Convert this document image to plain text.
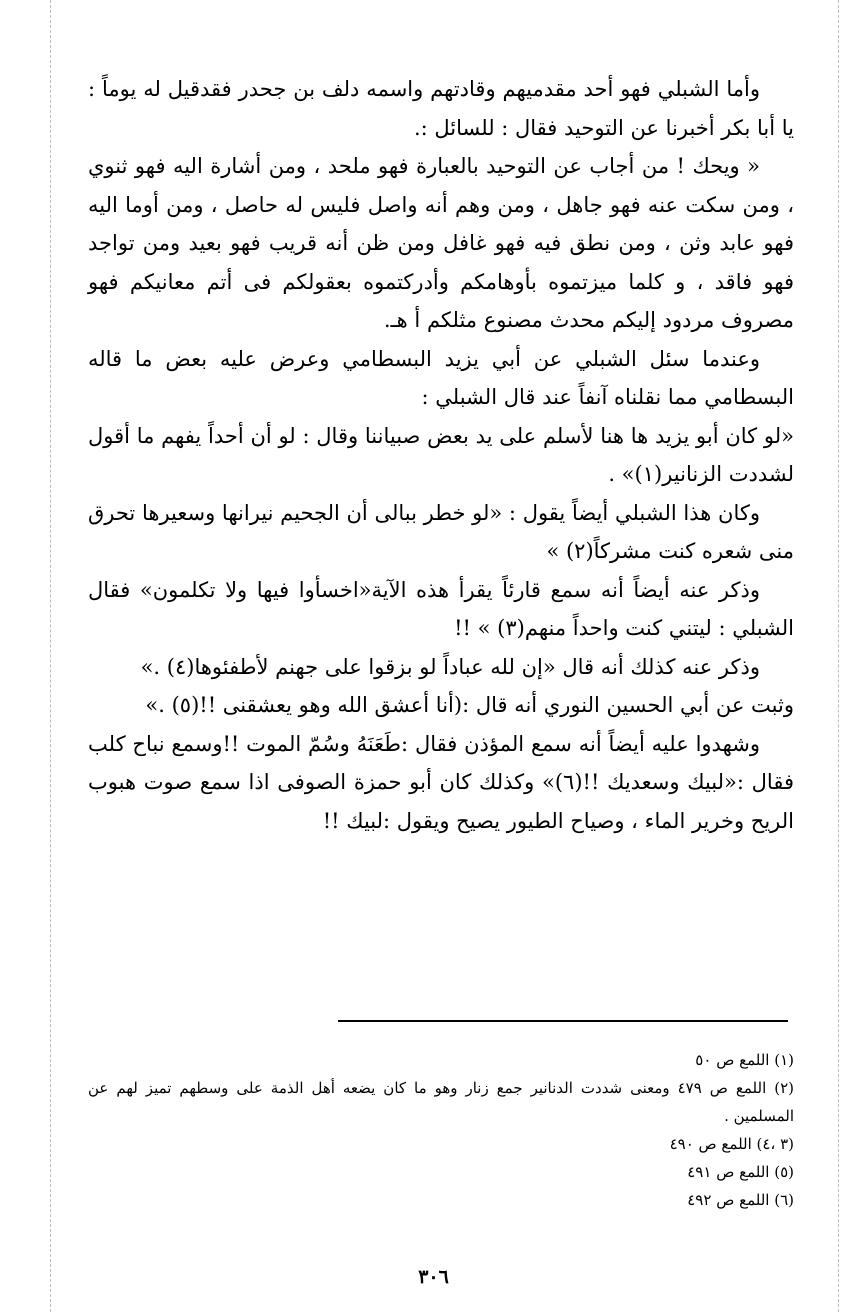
وأما الشبلي فهو أحد مقدميهم وقادتهم واسمه دلف بن جحدر فقدقيل له يوماً : يا أبا بكر أخبرنا عن التوحيد فقال : للسائل :.

« ويحك ! من أجاب عن التوحيد بالعبارة فهو ملحد ، ومن أشارة اليه فهو ثنوي ، ومن سكت عنه فهو جاهل ، ومن وهم أنه واصل فليس له حاصل ، ومن أوما اليه فهو عابد وثن ، ومن نطق فيه فهو غافل ومن ظن أنه قريب فهو بعيد ومن تواجد فهو فاقد ، و كلما ميزتموه بأوهامكم وأدركتموه بعقولكم فى أتم معانيكم فهو مصروف مردود إليكم محدث مصنوع مثلكم أ هـ.

وعندما سئل الشبلي عن أبي يزيد البسطامي وعرض عليه بعض ما قاله البسطامي مما نقلناه آنفاً عند قال الشبلي :

«لو كان أبو يزيد ها هنا لأسلم على يد بعض صبياننا وقال : لو أن أحداً يفهم ما أقول لشددت الزنانير(١)» .

وكان هذا الشبلي أيضاً يقول : «لو خطر ببالى أن الجحيم نيرانها وسعيرها تحرق منى شعره كنت مشركاً(٢) »

وذكر عنه أيضاً أنه سمع قارئاً يقرأ هذه الآية«اخسأوا فيها ولا تكلمون» فقال الشبلي : ليتني كنت واحداً منهم(٣) » !!

وذكر عنه كذلك أنه قال «إن لله عباداً لو بزقوا على جهنم لأطفئوها(٤) .»

وثبت عن أبي الحسين النوري أنه قال :(أنا أعشق الله وهو يعشقنى !!(٥) .»

وشهدوا عليه أيضاً أنه سمع المؤذن فقال :طَعَنَهُ وسُمّ الموت !!وسمع نباح كلب فقال :«لبيك وسعديك !!(٦)» وكذلك كان أبو حمزة الصوفى اذا سمع صوت هبوب الريح وخرير الماء ، وصياح الطيور يصيح ويقول :لبيك !!

(١) اللمع ص ٥٠

(٢) اللمع ص ٤٧٩ ومعنى شددت الدنانير جمع زنار وهو ما كان يضعه أهل الذمة على وسطهم تميز لهم عن المسلمين .

(٣ ،٤) اللمع ص ٤٩٠

(٥) اللمع ص ٤٩١

(٦) اللمع ص ٤٩٢

٣٠٦
